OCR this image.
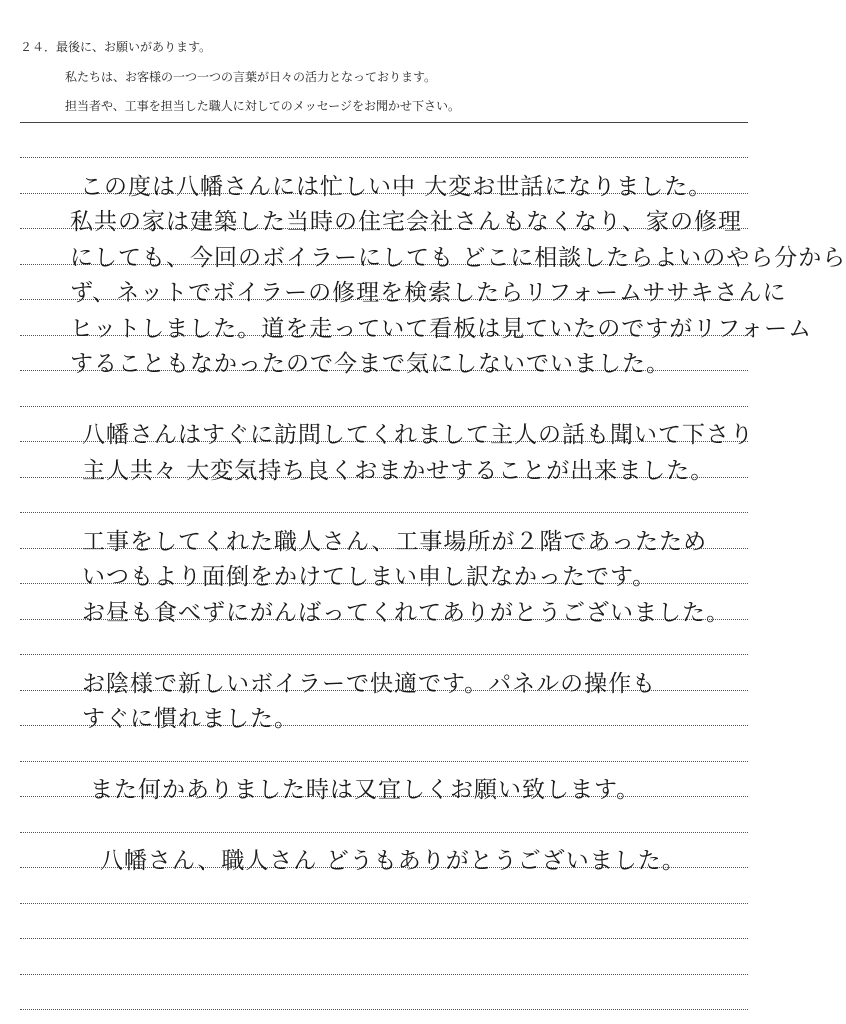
２４．最後に、お願いがあります。
私たちは、お客様の一つ一つの言葉が日々の活力となっております。
担当者や、工事を担当した職人に対してのメッセージをお聞かせ下さい。
この度は八幡さんには忙しい中 大変お世話になりました。
私共の家は建築した当時の住宅会社さんもなくなり、家の修理
にしても、今回のボイラーにしても どこに相談したらよいのやら分から
ず、ネットでボイラーの修理を検索したらリフォームササキさんに
ヒットしました。道を走っていて看板は見ていたのですがリフォーム
することもなかったので今まで気にしないでいました。
八幡さんはすぐに訪問してくれまして主人の話も聞いて下さり
主人共々 大変気持ち良くおまかせすることが出来ました。
工事をしてくれた職人さん、工事場所が２階であったため
いつもより面倒をかけてしまい申し訳なかったです。
お昼も食べずにがんばってくれてありがとうございました。
お陰様で新しいボイラーで快適です。パネルの操作も
すぐに慣れました。
また何かありました時は又宜しくお願い致します。
八幡さん、職人さん どうもありがとうございました。
